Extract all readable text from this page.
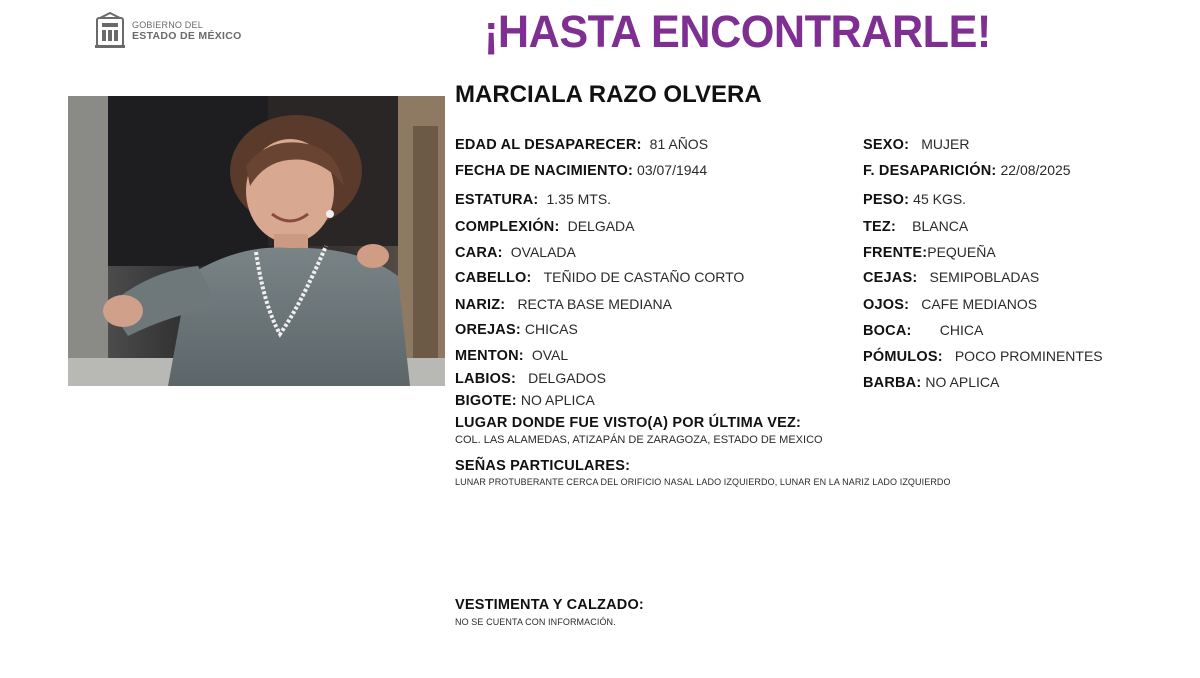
GOBIERNO DEL
ESTADO DE MÉXICO	¡HASTA ENCONTRARLE!
MARCIALA RAZO OLVERA
EDAD AL DESAPARECER: 81 AÑOS
FECHA DE NACIMIENTO: 03/07/1944
ESTATURA: 1.35 MTS.
COMPLEXIÓN: DELGADA
CARA: OVALADA
CABELLO: TEÑIDO DE CASTAÑO CORTO
NARIZ: RECTA BASE MEDIANA
OREJAS: CHICAS
MENTON: OVAL
LABIOS: DELGADOS
BIGOTE: NO APLICA
SEXO: MUJER
F. DESAPARICIÓN: 22/08/2025
PESO: 45 KGS.
TEZ: BLANCA
FRENTE:PEQUEÑA
CEJAS: SEMIPOBLADAS
OJOS: CAFE MEDIANOS
BOCA: CHICA
PÓMULOS: POCO PROMINENTES
BARBA: NO APLICA
LUGAR DONDE FUE VISTO(A) POR ÚLTIMA VEZ:
COL. LAS ALAMEDAS, ATIZAPÁN DE ZARAGOZA, ESTADO DE MEXICO
SEÑAS PARTICULARES:
LUNAR PROTUBERANTE CERCA DEL ORIFICIO NASAL LADO IZQUIERDO, LUNAR EN LA NARIZ LADO IZQUIERDO
VESTIMENTA Y CALZADO:
NO SE CUENTA CON INFORMACIÓN.
